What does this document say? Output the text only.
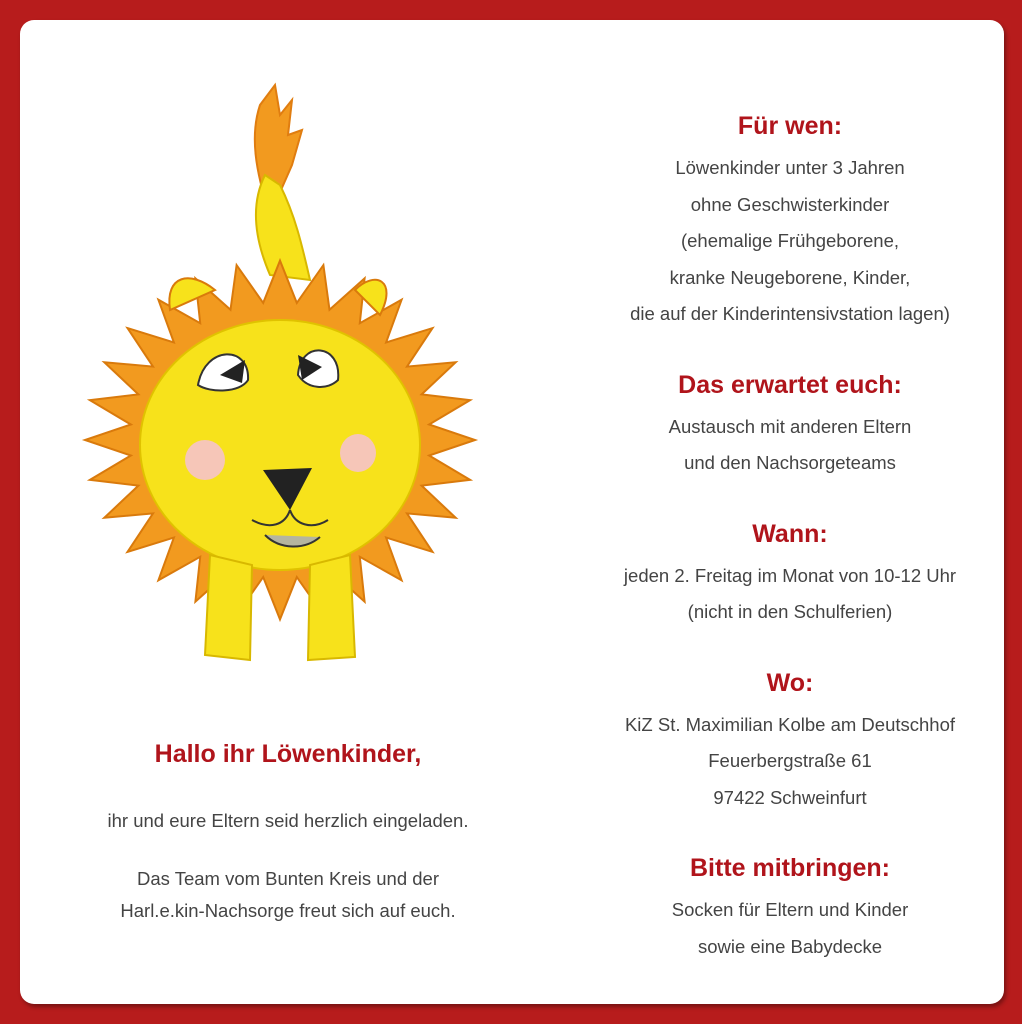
Hallo ihr Löwenkinder,

ihr und eure Eltern seid herzlich eingeladen.

Das Team vom Bunten Kreis und der

Harl.e.kin-Nachsorge freut sich auf euch.

Für wen:
Löwenkinder unter 3 Jahren
ohne Geschwisterkinder
(ehemalige Frühgeborene,
kranke Neugeborene, Kinder,
die auf der Kinderintensivstation lagen)
Das erwartet euch:
Austausch mit anderen Eltern
und den Nachsorgeteams
Wann:
jeden 2. Freitag im Monat von 10-12 Uhr
(nicht in den Schulferien)
Wo:
KiZ St. Maximilian Kolbe am Deutschhof
Feuerbergstraße 61
97422 Schweinfurt
Bitte mitbringen:
Socken für Eltern und Kinder
sowie eine Babydecke
